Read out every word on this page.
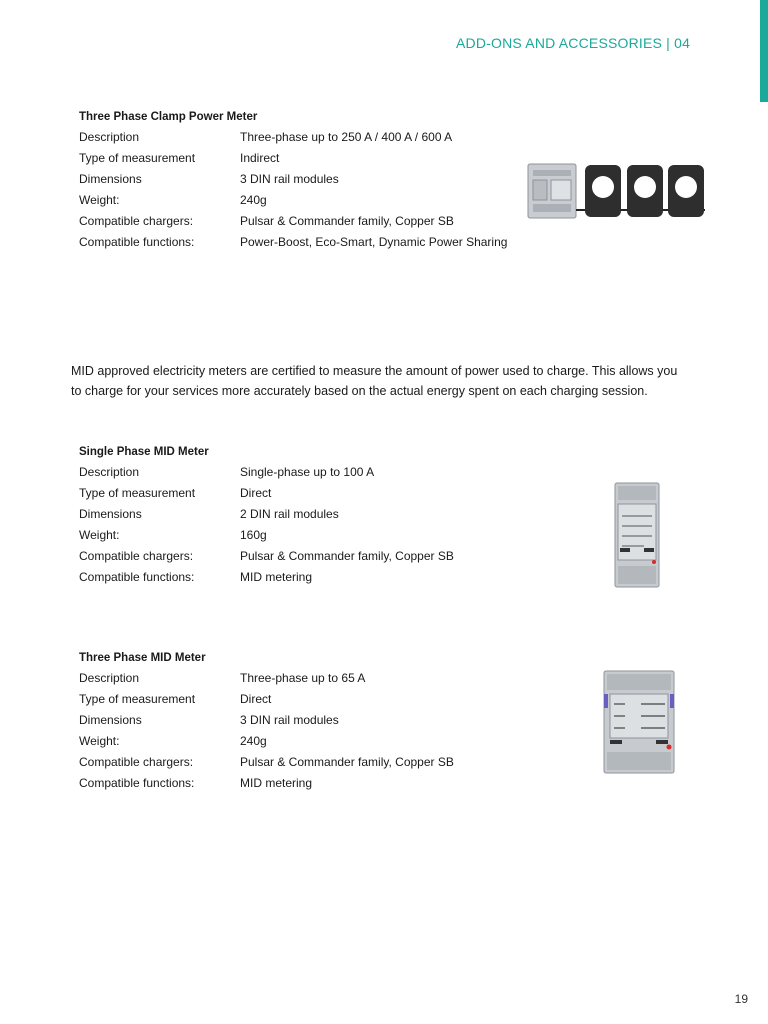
ADD-ONS AND ACCESSORIES | 04
Three Phase Clamp Power Meter
Description	Three-phase up to 250 A / 400 A / 600 A
Type of measurement	Indirect
Dimensions	3 DIN rail modules
Weight:	240g
Compatible chargers:	Pulsar & Commander family, Copper SB
Compatible functions:	Power-Boost, Eco-Smart, Dynamic Power Sharing
MID approved electricity meters are certified to measure the amount of power used to charge. This allows you to charge for your services more accurately based on the actual energy spent on each charging session.
Single Phase MID Meter
Description	Single-phase up to 100 A
Type of measurement	Direct
Dimensions	2 DIN rail modules
Weight:	160g
Compatible chargers:	Pulsar & Commander family, Copper SB
Compatible functions:	MID metering
Three Phase MID Meter
Description	Three-phase up to 65 A
Type of measurement	Direct
Dimensions	3 DIN rail modules
Weight:	240g
Compatible chargers:	Pulsar & Commander family, Copper SB
Compatible functions:	MID metering
19
